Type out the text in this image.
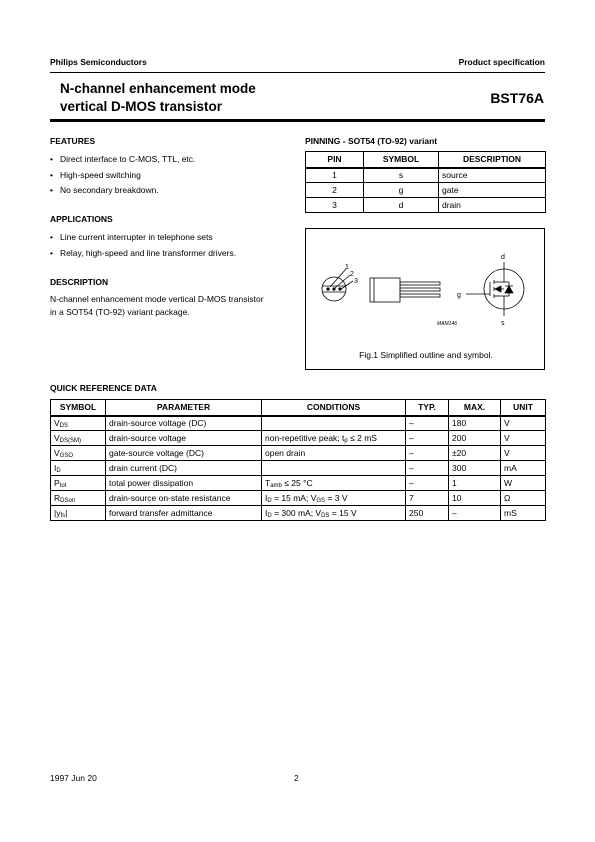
Philips Semiconductors	Product specification
N-channel enhancement mode
vertical D-MOS transistor
BST76A
FEATURES
• Direct interface to C-MOS, TTL, etc.
• High-speed switching
• No secondary breakdown.
APPLICATIONS
• Line current interrupter in telephone sets
• Relay, high-speed and line transformer drivers.
DESCRIPTION
N-channel enhancement mode vertical D-MOS transistor
in a SOT54 (TO-92) variant package.
PINNING - SOT54 (TO-92) variant
PIN	SYMBOL	DESCRIPTION
1	s	source
2	g	gate
3	d	drain
1
2
3
d
g
s
MAM146
Fig.1 Simplified outline and symbol.
QUICK REFERENCE DATA
SYMBOL	PARAMETER	CONDITIONS	TYP.	MAX.	UNIT
$V_{DS}$	drain-source voltage (DC)		–	180	V
$V_{DS(SM)}$	drain-source voltage	non-repetitive peak; $t_p \le 2$ mS	–	200	V
$V_{GSO}$	gate-source voltage (DC)	open drain	–	±20	V
$I_D$	drain current (DC)		–	300	mA
$P_{tot}$	total power dissipation	$T_{amb} \le 25$ °C	–	1	W
$R_{DSon}$	drain-source on-state resistance	$I_D = 15$ mA; $V_{GS} = 3$ V	7	10	Ω
$|y_{fs}|$	forward transfer admittance	$I_D = 300$ mA; $V_{DS} = 15$ V	250	–	mS
1997 Jun 20	2
